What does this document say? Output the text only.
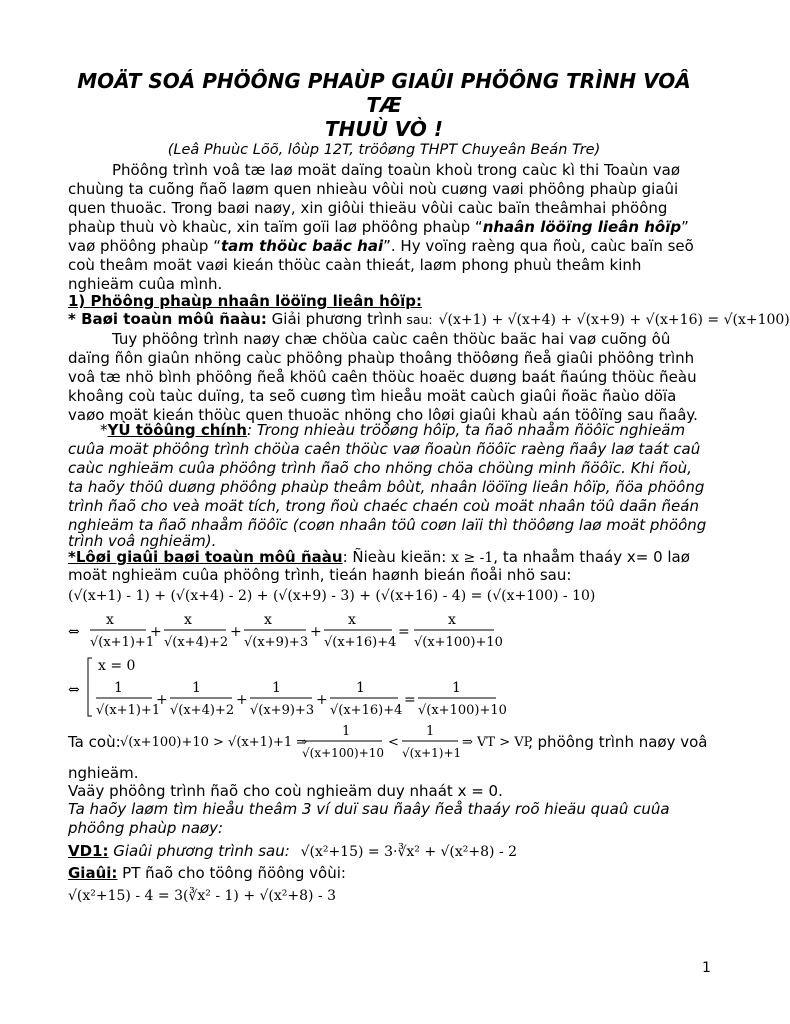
MOÄT SOÁ PHÖÔNG PHAÙP GIAÛI PHÖÔNG TRÌNH VOÂ
TÆ
THUÙ VÒ !
(Leâ Phuùc Lõõ, lôùp 12T, tröôøng THPT Chuyeân Beán Tre)
Phöông trình voâ tæ laø moät daïng toaùn khoù trong caùc kì thi Toaùn vaø
chuùng ta cuõng ñaõ laøm quen nhieàu vôùi noù cuøng vaøi phöông phaùp giaûi
quen thuoäc. Trong baøi naøy, xin giôùi thieäu vôùi caùc baïn theâmhai phöông
phaùp thuù vò khaùc, xin taïm goïi laø phöông phaùp “nhaân lööïng lieân hôïp”
vaø phöông phaùp “tam thöùc baäc hai”. Hy voïng raèng qua ñoù, caùc baïn seõ
coù theâm moät vaøi kieán thöùc caàn thieát, laøm phong phuù theâm kinh
nghieäm cuûa mình.
1) Phöông phaùp nhaân lööïng lieân hôïp:
* Baøi toaùn môû ñaàu: Giải phương trình sau: √(x+1) + √(x+4) + √(x+9) + √(x+16) = √(x+100)
Tuy phöông trình naøy chæ chöùa caùc caên thöùc baäc hai vaø cuõng ôû
daïng ñôn giaûn nhöng caùc phöông phaùp thoâng thöôøng ñeå giaûi phöông trình
voâ tæ nhö bình phöông ñeå khöû caên thöùc hoaëc duøng baát ñaúng thöùc ñeàu
khoâng coù taùc duïng, ta seõ cuøng tìm hieåu moät caùch giaûi ñoäc ñaùo döïa
vaøo moät kieán thöùc quen thuoäc nhöng cho lôøi giaûi khaù aán töôïng sau ñaây.
*YÙ töôûng chính: Trong nhieàu tröôøng hôïp, ta ñaõ nhaåm ñöôïc nghieäm
cuûa moät phöông trình chöùa caên thöùc vaø ñoaùn ñöôïc raèng ñaây laø taát caû
caùc nghieäm cuûa phöông trình ñaõ cho nhöng chöa chöùng minh ñöôïc. Khi ñoù,
ta haõy thöû duøng phöông phaùp theâm bôùt, nhaân lööïng lieân hôïp, ñöa phöông
trình ñaõ cho veà moät tích, trong ñoù chaéc chaén coù moät nhaân töû daãn ñeán
nghieäm ta ñaõ nhaåm ñöôïc (coøn nhaân töû coøn laïi thì thöôøng laø moät phöông
trình voâ nghieäm).
*Lôøi giaûi baøi toaùn môû ñaàu: Ñieàu kieän: x ≥ -1, ta nhaåm thaáy x= 0 laø
moät nghieäm cuûa phöông trình, tieán haønh bieán ñoåi nhö sau:
(√(x+1) - 1) + (√(x+4) - 2) + (√(x+9) - 3) + (√(x+16) - 4) = (√(x+100) - 10)
⇔
x
√(x+1)+1
+
x
√(x+4)+2
+
x
√(x+9)+3
+
x
√(x+16)+4
=
x
√(x+100)+10
⇔
x = 0
1
√(x+1)+1
+
1
√(x+4)+2
+
1
√(x+9)+3
+
1
√(x+16)+4
=
1
√(x+100)+10
Ta coù: √(x+100)+10 > √(x+1)+1 ⇒
1
√(x+100)+10
<
1
√(x+1)+1
⇒ VT > VP
, phöông trình naøy voâ
nghieäm.
Vaäy phöông trình ñaõ cho coù nghieäm duy nhaát x = 0.
Ta haõy laøm tìm hieåu theâm 3 ví duï sau ñaây ñeå thaáy roõ hieäu quaû cuûa
phöông phaùp naøy:
VD1: Giaûi phương trình sau: √(x²+15) = 3·∛x² + √(x²+8) - 2
Giaûi: PT ñaõ cho töông ñöông vôùi:
√(x²+15) - 4 = 3(∛x² - 1) + √(x²+8) - 3
1
